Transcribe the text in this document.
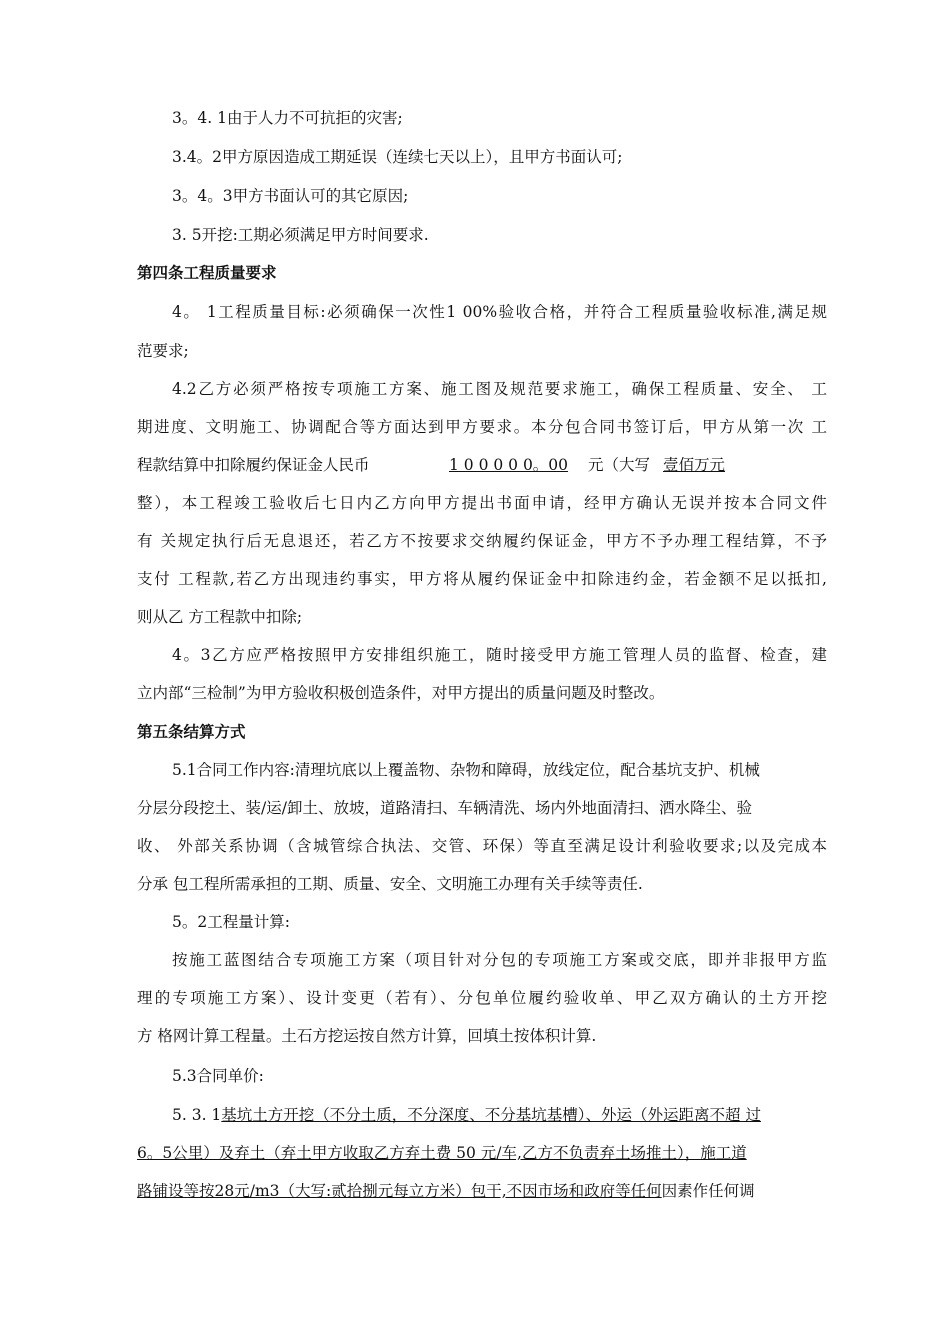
3。4. 1由于人力不可抗拒的灾害;

3.4。2甲方原因造成工期延误（连续七天以上），且甲方书面认可;

3。4。3甲方书面认可的其它原因;

3. 5开挖:工期必须满足甲方时间要求.

第四条工程质量要求

4。 1工程质量目标:必须确保一次性1 00%验收合格，并符合工程质量验收标准,满足规

范要求;

4.2乙方必须严格按专项施工方案、施工图及规范要求施工，确保工程质量、安全、 工

期进度、文明施工、协调配合等方面达到甲方要求。本分包合同书签订后，甲方从第一次 工

程款结算中扣除履约保证金人民币	1 0 0 0 0 0。00 元（大写 壹佰万元

整），本工程竣工验收后七日内乙方向甲方提出书面申请，经甲方确认无误并按本合同文件

有 关规定执行后无息退还，若乙方不按要求交纳履约保证金，甲方不予办理工程结算，不予

支付 工程款,若乙方出现违约事实，甲方将从履约保证金中扣除违约金，若金额不足以抵扣,

则从乙 方工程款中扣除;

4。3乙方应严格按照甲方安排组织施工，随时接受甲方施工管理人员的监督、检查，建

立内部“三检制”为甲方验收积极创造条件，对甲方提出的质量问题及时整改。

第五条结算方式

5.1合同工作内容:清理坑底以上覆盖物、杂物和障碍，放线定位，配合基坑支护、机械

分层分段挖土、装/运/卸土、放坡，道路清扫、车辆清洗、场内外地面清扫、洒水降尘、验

收、 外部关系协调（含城管综合执法、交管、环保）等直至满足设计利验收要求;以及完成本

分承 包工程所需承担的工期、质量、安全、文明施工办理有关手续等责任.

5。2工程量计算:

按施工蓝图结合专项施工方案（项目针对分包的专项施工方案或交底，即并非报甲方监

理的专项施工方案）、设计变更（若有）、分包单位履约验收单、甲乙双方确认的土方开挖

方 格网计算工程量。土石方挖运按自然方计算，回填土按体积计算.

5.3合同单价:

5. 3. 1基坑土方开挖（不分土质，不分深度、不分基坑基槽）、外运（外运距离不超 过

6。5公里）及弃土（弃土甲方收取乙方弃土费 50 元/车,乙方不负责弃土场推土），施工道

路铺设等按28元/m3（大写:贰拾捌元每立方米）包干,不因市场和政府等任何因素作任何调
